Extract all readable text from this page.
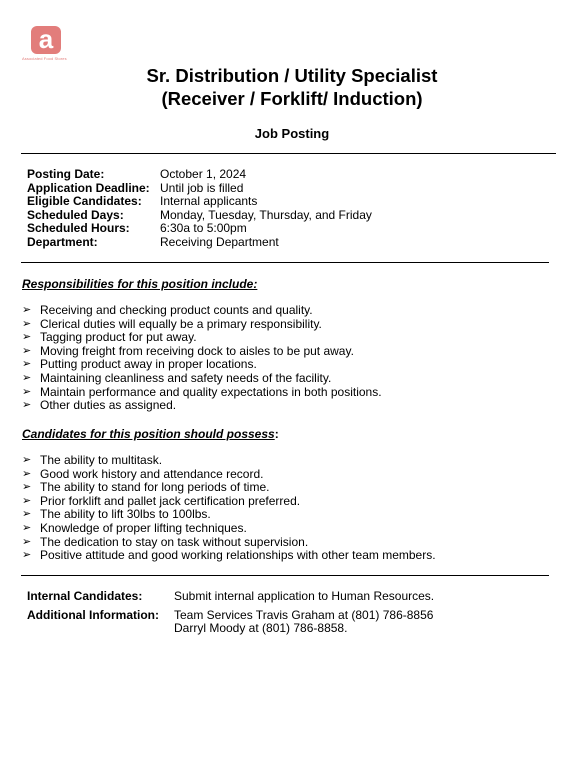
a
Associated Food Stores
Sr. Distribution / Utility Specialist
(Receiver / Forklift/ Induction)
Job Posting
Posting Date:	October 1, 2024
Application Deadline: Until job is filled
Eligible Candidates:	Internal applicants
Scheduled Days:	Monday, Tuesday, Thursday, and Friday
Scheduled Hours:	6:30a to 5:00pm
Department:	Receiving Department
Responsibilities for this position include:
➢ Receiving and checking product counts and quality.
➢ Clerical duties will equally be a primary responsibility.
➢ Tagging product for put away.
➢ Moving freight from receiving dock to aisles to be put away.
➢ Putting product away in proper locations.
➢ Maintaining cleanliness and safety needs of the facility.
➢ Maintain performance and quality expectations in both positions.
➢ Other duties as assigned.
Candidates for this position should possess:
➢ The ability to multitask.
➢ Good work history and attendance record.
➢ The ability to stand for long periods of time.
➢ Prior forklift and pallet jack certification preferred.
➢ The ability to lift 30lbs to 100lbs.
➢ Knowledge of proper lifting techniques.
➢ The dedication to stay on task without supervision.
➢ Positive attitude and good working relationships with other team members.
Internal Candidates:	Submit internal application to Human Resources.
Additional Information:	Team Services Travis Graham at (801) 786-8856
Darryl Moody at (801) 786-8858.
